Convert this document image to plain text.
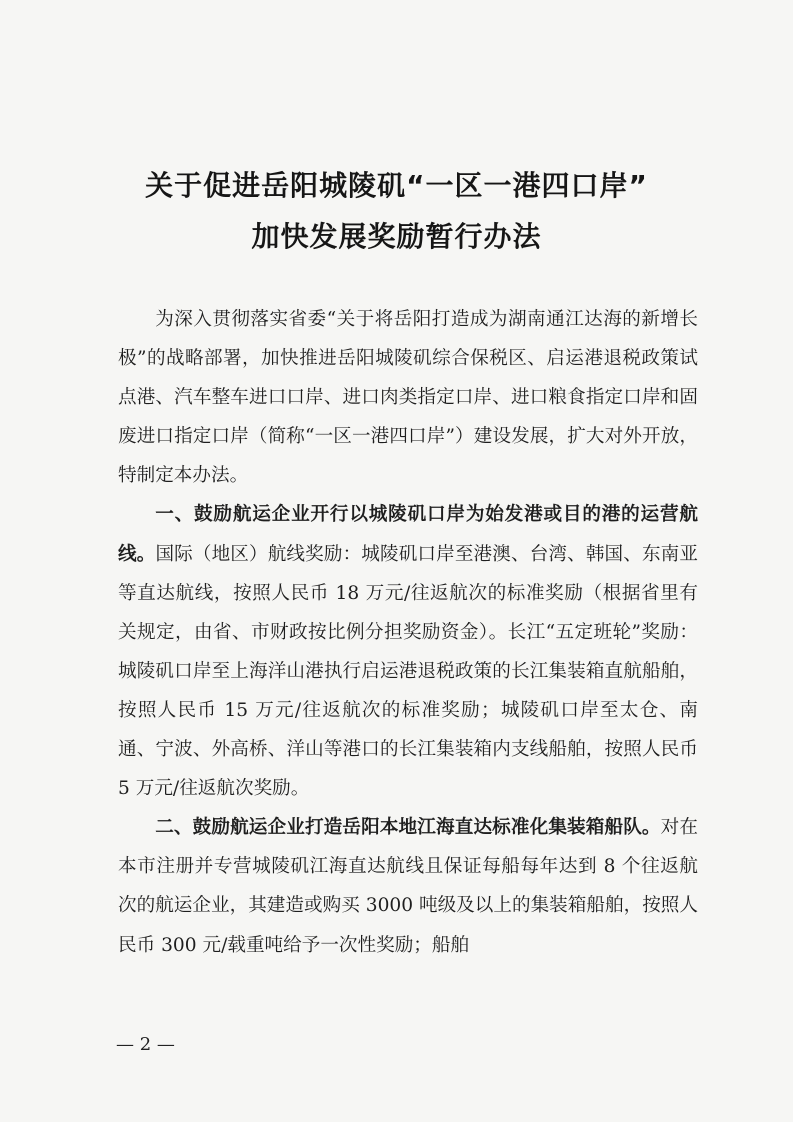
关于促进岳阳城陵矶“一区一港四口岸”
加快发展奖励暂行办法

为深入贯彻落实省委“关于将岳阳打造成为湖南通江达海的新增长极”的战略部署，加快推进岳阳城陵矶综合保税区、启运港退税政策试点港、汽车整车进口口岸、进口肉类指定口岸、进口粮食指定口岸和固废进口指定口岸（简称“一区一港四口岸”）建设发展，扩大对外开放，特制定本办法。

一、鼓励航运企业开行以城陵矶口岸为始发港或目的港的运营航线。国际（地区）航线奖励：城陵矶口岸至港澳、台湾、韩国、东南亚等直达航线，按照人民币 18 万元/往返航次的标准奖励（根据省里有关规定，由省、市财政按比例分担奖励资金）。长江“五定班轮”奖励：城陵矶口岸至上海洋山港执行启运港退税政策的长江集装箱直航船舶，按照人民币 15 万元/往返航次的标准奖励；城陵矶口岸至太仓、南通、宁波、外高桥、洋山等港口的长江集装箱内支线船舶，按照人民币 5 万元/往返航次奖励。

二、鼓励航运企业打造岳阳本地江海直达标准化集装箱船队。对在本市注册并专营城陵矶江海直达航线且保证每船每年达到 8 个往返航次的航运企业，其建造或购买 3000 吨级及以上的集装箱船舶，按照人民币 300 元/载重吨给予一次性奖励；船舶

— 2 —
